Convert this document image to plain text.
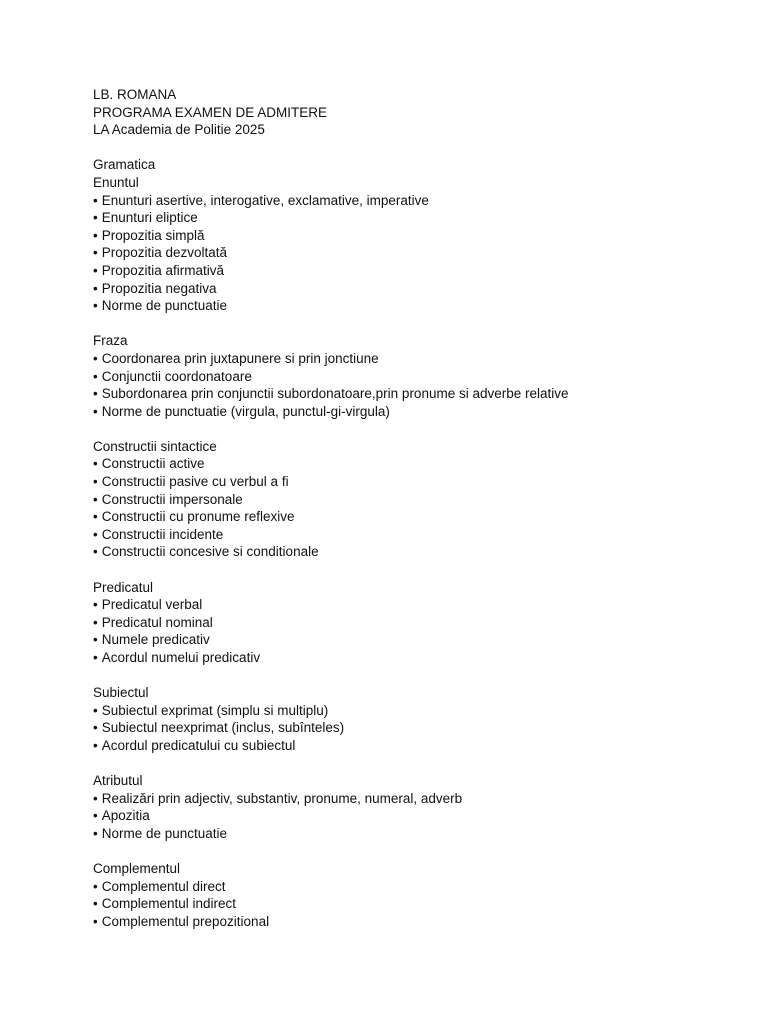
LB. ROMANA
PROGRAMA EXAMEN DE ADMITERE
LA Academia de Politie 2025
Gramatica
Enuntul
• Enunturi asertive, interogative, exclamative, imperative
• Enunturi eliptice
• Propozitia simplă
• Propozitia dezvoltată
• Propozitia afirmativă
• Propozitia negativa
• Norme de punctuatie
Fraza
• Coordonarea prin juxtapunere si prin jonctiune
• Conjunctii coordonatoare
• Subordonarea prin conjunctii subordonatoare,prin pronume si adverbe relative
• Norme de punctuatie (virgula, punctul-gi-virgula)
Constructii sintactice
• Constructii active
• Constructii pasive cu verbul a fi
• Constructii impersonale
• Constructii cu pronume reflexive
• Constructii incidente
• Constructii concesive si conditionale
Predicatul
• Predicatul verbal
• Predicatul nominal
• Numele predicativ
• Acordul numelui predicativ
Subiectul
• Subiectul exprimat (simplu si multiplu)
• Subiectul neexprimat (inclus, subînteles)
• Acordul predicatului cu subiectul
Atributul
• Realizări prin adjectiv, substantiv, pronume, numeral, adverb
• Apozitia
• Norme de punctuatie
Complementul
• Complementul direct
• Complementul indirect
• Complementul prepozitional
